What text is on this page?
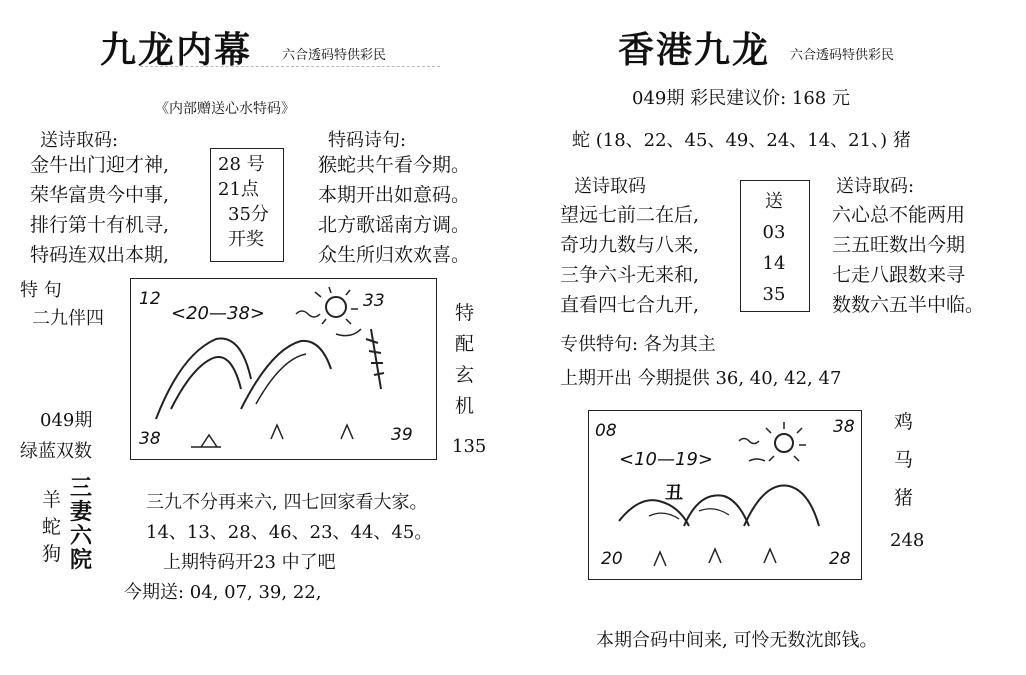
九龙内幕 六合透码特供彩民
《内部赠送心水特码》
送诗取码:	特码诗句:
金牛出门迎才神,
荣华富贵今中事,
排行第十有机寻,
特码连双出本期,
28 号
21点
35分
开奖
猴蛇共午看今期。
本期开出如意码。
北方歌谣南方调。
众生所归欢欢喜。
特 句
二九伴四
049期
绿蓝双数
12
<20—38>
33
38	39
特
配
玄
机
135
羊
蛇
狗
三
妻
六
院
三九不分再来六, 四七回家看大家。
14、13、28、46、23、44、45。
上期特码开23 中了吧
今期送: 04, 07, 39, 22,
香港九龙 六合透码特供彩民
049期 彩民建议价: 168 元
蛇 (18、22、45、49、24、14、21、) 猪
送诗取码	送诗取码:
望远七前二在后,
奇功九数与八来,
三争六斗无来和,
直看四七合九开,
送
03
14
35
六心总不能两用
三五旺数出今期
七走八跟数来寻
数数六五半中临。
专供特句: 各为其主
上期开出 今期提供 36, 40, 42, 47
08
<10—19>
38
丑
20	28
鸡
马
猪
248
本期合码中间来, 可怜无数沈郎钱。
